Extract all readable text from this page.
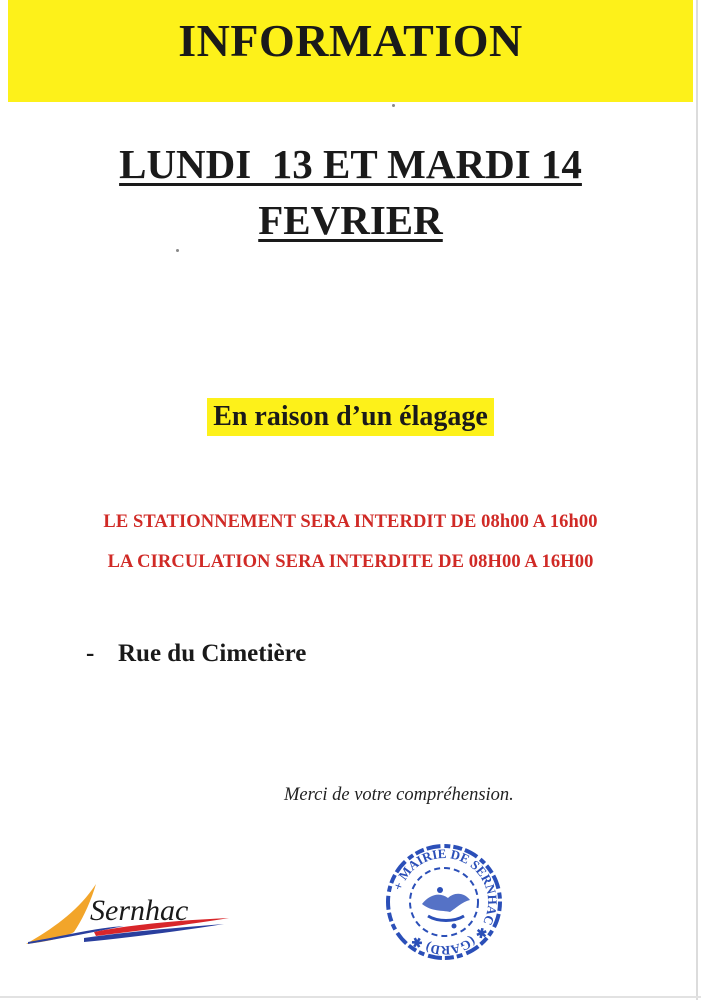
INFORMATION
LUNDI  13 ET MARDI 14
FEVRIER
En raison d’un élagage
LE STATIONNEMENT SERA INTERDIT DE 08h00 A 16h00
LA CIRCULATION SERA INTERDITE DE 08H00 A 16H00
- Rue du Cimetière
Merci de votre compréhension.
Sernhac
+ MAIRIE DE SERNHAC ✱ (GARD) ✱
